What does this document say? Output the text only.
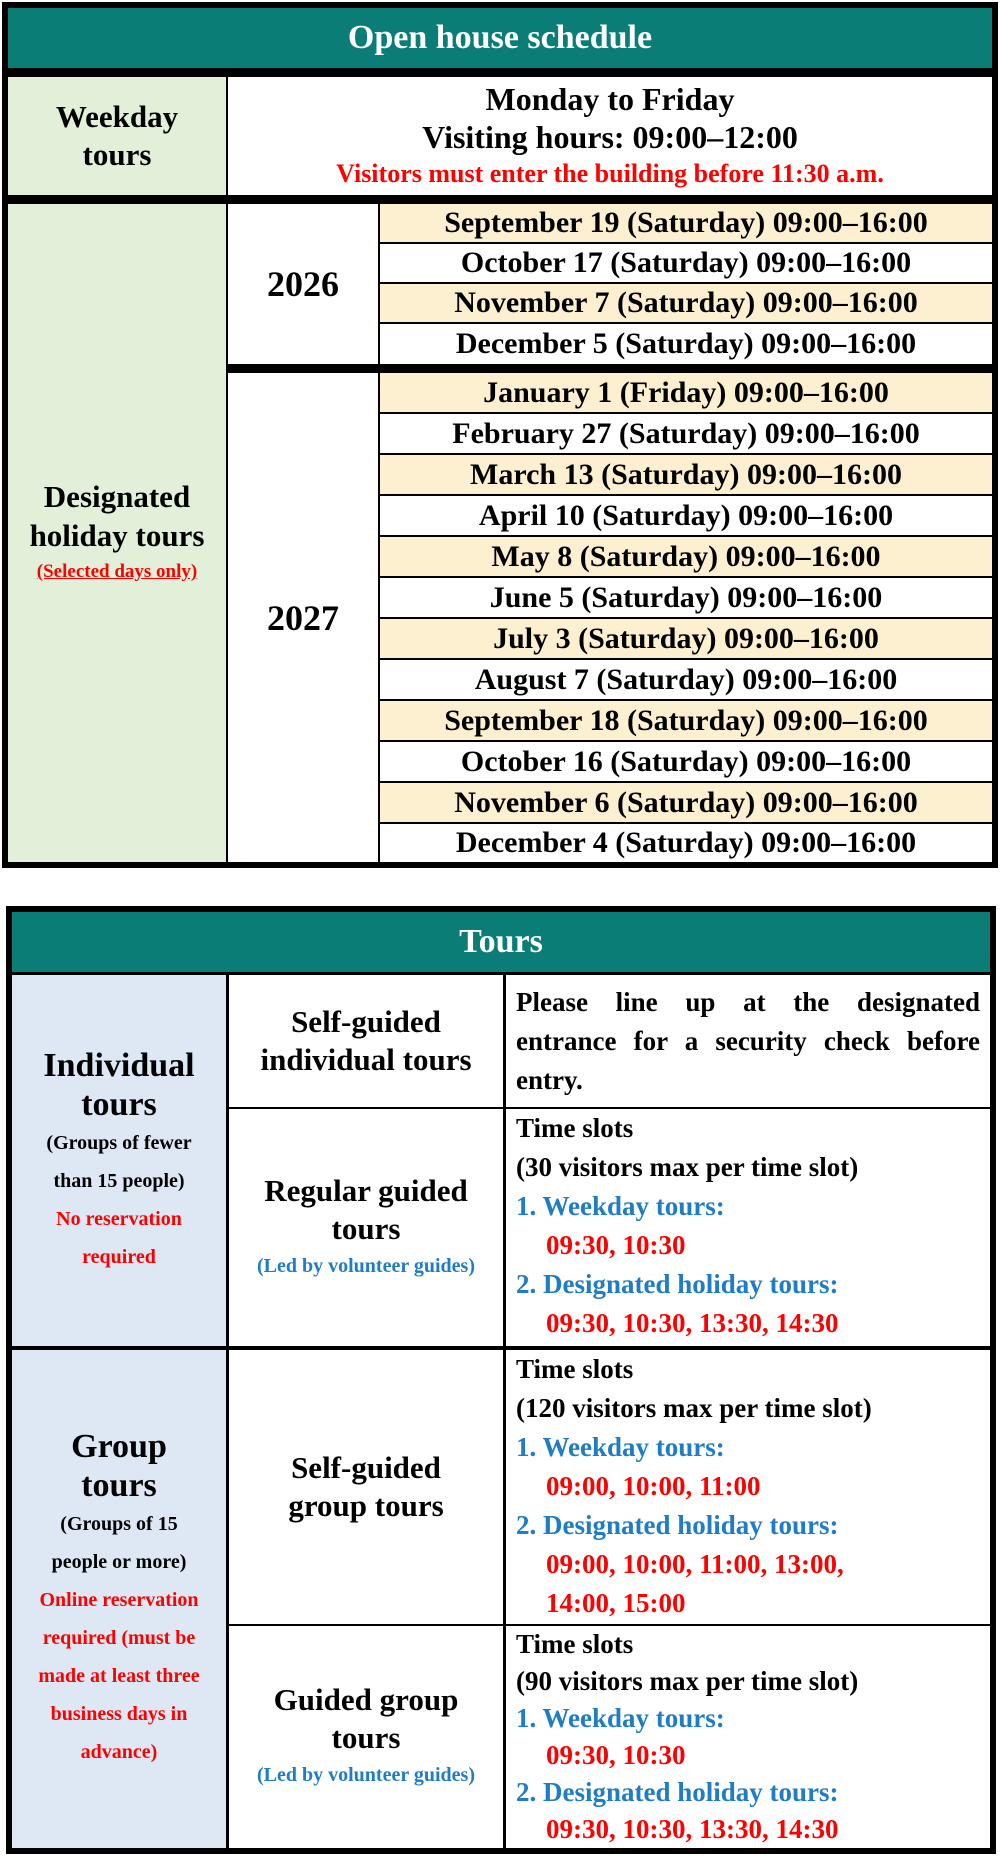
Open house schedule
Weekday
tours
Monday to Friday
Visiting hours: 09:00–12:00
Visitors must enter the building before 11:30 a.m.
Designated
holiday tours
(Selected days only)
2026
September 19 (Saturday) 09:00–16:00
October 17 (Saturday) 09:00–16:00
November 7 (Saturday) 09:00–16:00
December 5 (Saturday) 09:00–16:00
2027
January 1 (Friday) 09:00–16:00
February 27 (Saturday) 09:00–16:00
March 13 (Saturday) 09:00–16:00
April 10 (Saturday) 09:00–16:00
May 8 (Saturday) 09:00–16:00
June 5 (Saturday) 09:00–16:00
July 3 (Saturday) 09:00–16:00
August 7 (Saturday) 09:00–16:00
September 18 (Saturday) 09:00–16:00
October 16 (Saturday) 09:00–16:00
November 6 (Saturday) 09:00–16:00
December 4 (Saturday) 09:00–16:00
Tours
Individual
tours
(Groups of fewer
than 15 people)
No reservation
required
Self-guided
individual tours
Please line up at the designated
entrance for a security check before
entry.
Regular guided
tours
(Led by volunteer guides)
Time slots
(30 visitors max per time slot)
1. Weekday tours:
09:30, 10:30
2. Designated holiday tours:
09:30, 10:30, 13:30, 14:30
Group
tours
(Groups of 15
people or more)
Online reservation
required (must be
made at least three
business days in
advance)
Self-guided
group tours
Time slots
(120 visitors max per time slot)
1. Weekday tours:
09:00, 10:00, 11:00
2. Designated holiday tours:
09:00, 10:00, 11:00, 13:00,
14:00, 15:00
Guided group
tours
(Led by volunteer guides)
Time slots
(90 visitors max per time slot)
1. Weekday tours:
09:30, 10:30
2. Designated holiday tours:
09:30, 10:30, 13:30, 14:30
